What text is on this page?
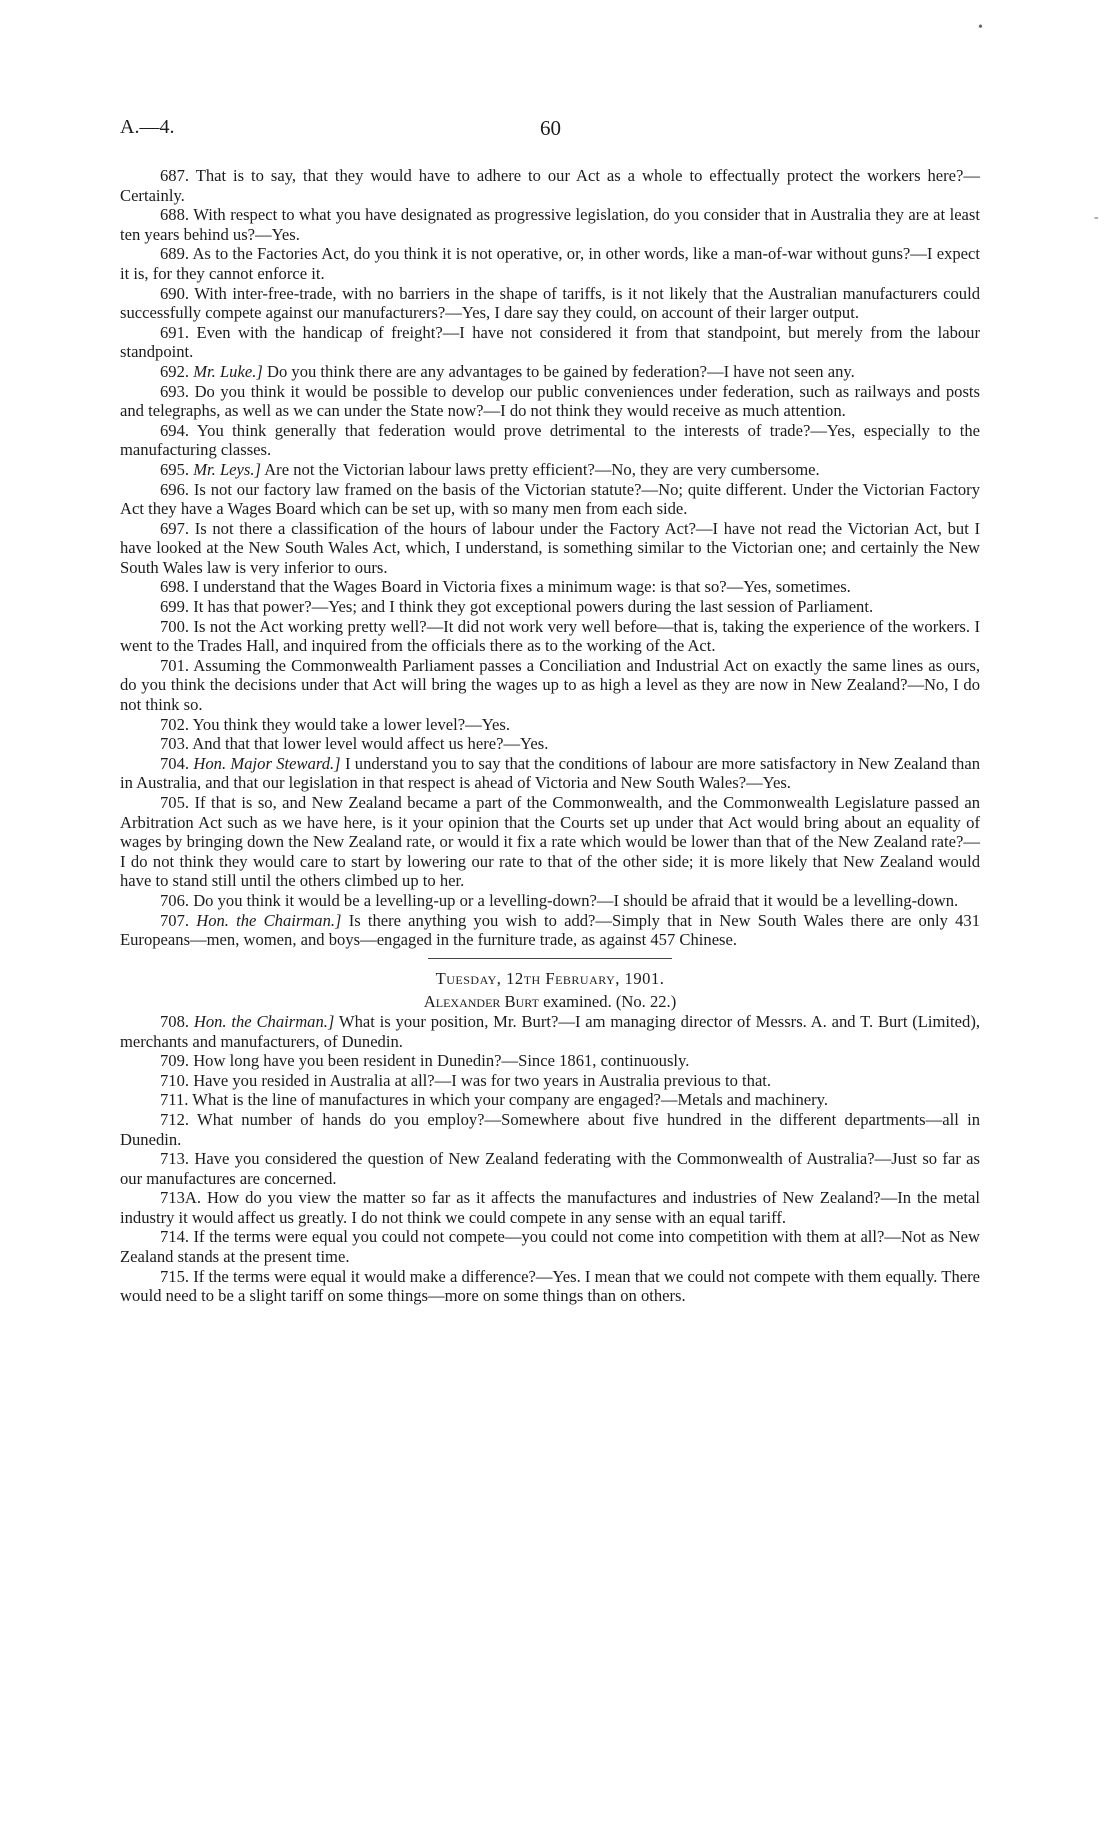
A.—4.	60
•
-

687. That is to say, that they would have to adhere to our Act as a whole to effectually protect the workers here?—Certainly.

688. With respect to what you have designated as progressive legislation, do you consider that in Australia they are at least ten years behind us?—Yes.

689. As to the Factories Act, do you think it is not operative, or, in other words, like a man-of-war without guns?—I expect it is, for they cannot enforce it.

690. With inter-free-trade, with no barriers in the shape of tariffs, is it not likely that the Australian manufacturers could successfully compete against our manufacturers?—Yes, I dare say they could, on account of their larger output.

691. Even with the handicap of freight?—I have not considered it from that standpoint, but merely from the labour standpoint.

692. Mr. Luke.] Do you think there are any advantages to be gained by federation?—I have not seen any.

693. Do you think it would be possible to develop our public conveniences under federation, such as railways and posts and telegraphs, as well as we can under the State now?—I do not think they would receive as much attention.

694. You think generally that federation would prove detrimental to the interests of trade?—Yes, especially to the manufacturing classes.

695. Mr. Leys.] Are not the Victorian labour laws pretty efficient?—No, they are very cumbersome.

696. Is not our factory law framed on the basis of the Victorian statute?—No; quite different. Under the Victorian Factory Act they have a Wages Board which can be set up, with so many men from each side.

697. Is not there a classification of the hours of labour under the Factory Act?—I have not read the Victorian Act, but I have looked at the New South Wales Act, which, I understand, is something similar to the Victorian one; and certainly the New South Wales law is very inferior to ours.

698. I understand that the Wages Board in Victoria fixes a minimum wage: is that so?—Yes, sometimes.

699. It has that power?—Yes; and I think they got exceptional powers during the last session of Parliament.

700. Is not the Act working pretty well?—It did not work very well before—that is, taking the experience of the workers. I went to the Trades Hall, and inquired from the officials there as to the working of the Act.

701. Assuming the Commonwealth Parliament passes a Conciliation and Industrial Act on exactly the same lines as ours, do you think the decisions under that Act will bring the wages up to as high a level as they are now in New Zealand?—No, I do not think so.

702. You think they would take a lower level?—Yes.

703. And that that lower level would affect us here?—Yes.

704. Hon. Major Steward.] I understand you to say that the conditions of labour are more satisfactory in New Zealand than in Australia, and that our legislation in that respect is ahead of Victoria and New South Wales?—Yes.

705. If that is so, and New Zealand became a part of the Commonwealth, and the Commonwealth Legislature passed an Arbitration Act such as we have here, is it your opinion that the Courts set up under that Act would bring about an equality of wages by bringing down the New Zealand rate, or would it fix a rate which would be lower than that of the New Zealand rate?—I do not think they would care to start by lowering our rate to that of the other side; it is more likely that New Zealand would have to stand still until the others climbed up to her.

706. Do you think it would be a levelling-up or a levelling-down?—I should be afraid that it would be a levelling-down.

707. Hon. the Chairman.] Is there anything you wish to add?—Simply that in New South Wales there are only 431 Europeans—men, women, and boys—engaged in the furniture trade, as against 457 Chinese.

Tuesday, 12th February, 1901.

Alexander Burt examined. (No. 22.)

708. Hon. the Chairman.] What is your position, Mr. Burt?—I am managing director of Messrs. A. and T. Burt (Limited), merchants and manufacturers, of Dunedin.

709. How long have you been resident in Dunedin?—Since 1861, continuously.

710. Have you resided in Australia at all?—I was for two years in Australia previous to that.

711. What is the line of manufactures in which your company are engaged?—Metals and machinery.

712. What number of hands do you employ?—Somewhere about five hundred in the different departments—all in Dunedin.

713. Have you considered the question of New Zealand federating with the Commonwealth of Australia?—Just so far as our manufactures are concerned.

713A. How do you view the matter so far as it affects the manufactures and industries of New Zealand?—In the metal industry it would affect us greatly. I do not think we could compete in any sense with an equal tariff.

714. If the terms were equal you could not compete—you could not come into competition with them at all?—Not as New Zealand stands at the present time.

715. If the terms were equal it would make a difference?—Yes. I mean that we could not compete with them equally. There would need to be a slight tariff on some things—more on some things than on others.
